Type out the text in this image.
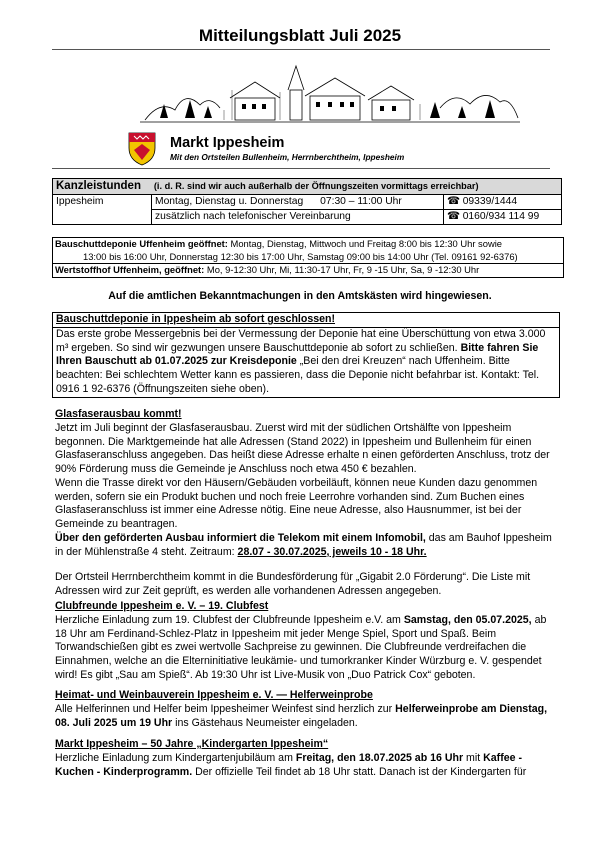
Mitteilungsblatt Juli 2025
Markt Ippesheim
Mit den Ortsteilen Bullenheim, Herrnberchtheim, Ippesheim
Kanzleistunden (i. d. R. sind wir auch außerhalb der Öffnungszeiten vormittags erreichbar)		
Ippesheim	Montag, Dienstag u. Donnerstag 07:30 – 11:00 Uhr	☎ 09339/1444
	zusätzlich nach telefonischer Vereinbarung	☎ 0160/934 114 99
Bauschuttdeponie Uffenheim geöffnet: Montag, Dienstag, Mittwoch und Freitag 8:00 bis 12:30 Uhr sowie
13:00 bis 16:00 Uhr, Donnerstag 12:30 bis 17:00 Uhr, Samstag 09:00 bis 14:00 Uhr (Tel. 09161 92-6376)
Wertstoffhof Uffenheim, geöffnet: Mo, 9-12:30 Uhr, Mi, 11:30-17 Uhr, Fr, 9 -15 Uhr, Sa, 9 -12:30 Uhr
Auf die amtlichen Bekanntmachungen in den Amtskästen wird hingewiesen.
Bauschuttdeponie in Ippesheim ab sofort geschlossen!

Das erste grobe Messergebnis bei der Vermessung der Deponie hat eine Überschüttung von etwa 3.000 m³ ergeben. So sind wir gezwungen unsere Bauschuttdeponie ab sofort zu schließen. Bitte fahren Sie Ihren Bauschutt ab 01.07.2025 zur Kreisdeponie „Bei den drei Kreuzen“ nach Uffenheim. Bitte beachten: Bei schlechtem Wetter kann es passieren, dass die Deponie nicht befahrbar ist. Kontakt: Tel. 0916 1 92-6376 (Öffnungszeiten siehe oben).

Glasfaserausbau kommt!

Jetzt im Juli beginnt der Glasfaserausbau. Zuerst wird mit der südlichen Ortshälfte von Ippesheim begonnen. Die Marktgemeinde hat alle Adressen (Stand 2022) in Ippesheim und Bullenheim für einen Glasfaseranschluss angegeben. Das heißt diese Adresse erhalte n einen geförderten Anschluss, trotz der 90% Förderung muss die Gemeinde je Anschluss noch etwa 450 € bezahlen.

Wenn die Trasse direkt vor den Häusern/Gebäuden vorbeiläuft, können neue Kunden dazu genommen werden, sofern sie ein Produkt buchen und noch freie Leerrohre vorhanden sind. Zum Buchen eines Glasfaseranschluss ist immer eine Adresse nötig. Eine neue Adresse, also Hausnummer, ist bei der Gemeinde zu beantragen.

Über den geförderten Ausbau informiert die Telekom mit einem Infomobil, das am Bauhof Ippesheim in der Mühlenstraße 4 steht. Zeitraum: 28.07 - 30.07.2025, jeweils 10 - 18 Uhr.

Der Ortsteil Herrnberchtheim kommt in die Bundesförderung für „Gigabit 2.0 Förderung“. Die Liste mit Adressen wird zur Zeit geprüft, es werden alle vorhandenen Adressen angegeben.

Clubfreunde Ippesheim e. V. – 19. Clubfest

Herzliche Einladung zum 19. Clubfest der Clubfreunde Ippesheim e.V. am Samstag, den 05.07.2025, ab 18 Uhr am Ferdinand-Schlez-Platz in Ippesheim mit jeder Menge Spiel, Sport und Spaß. Beim Torwandschießen gibt es zwei wertvolle Sachpreise zu gewinnen. Die Clubfreunde verdreifachen die Einnahmen, welche an die Elterninitiative leukämie- und tumorkranker Kinder Würzburg e. V. gespendet wird! Es gibt „Sau am Spieß“. Ab 19:30 Uhr ist Live-Musik von „Duo Patrick Cox“ geboten.

Heimat- und Weinbauverein Ippesheim e. V. — Helferweinprobe

Alle Helferinnen und Helfer beim Ippesheimer Weinfest sind herzlich zur Helferweinprobe am Dienstag, 08. Juli 2025 um 19 Uhr ins Gästehaus Neumeister eingeladen.

Markt Ippesheim – 50 Jahre „Kindergarten Ippesheim“

Herzliche Einladung zum Kindergartenjubiläum am Freitag, den 18.07.2025 ab 16 Uhr mit Kaffee - Kuchen - Kinderprogramm. Der offizielle Teil findet ab 18 Uhr statt. Danach ist der Kindergarten für
